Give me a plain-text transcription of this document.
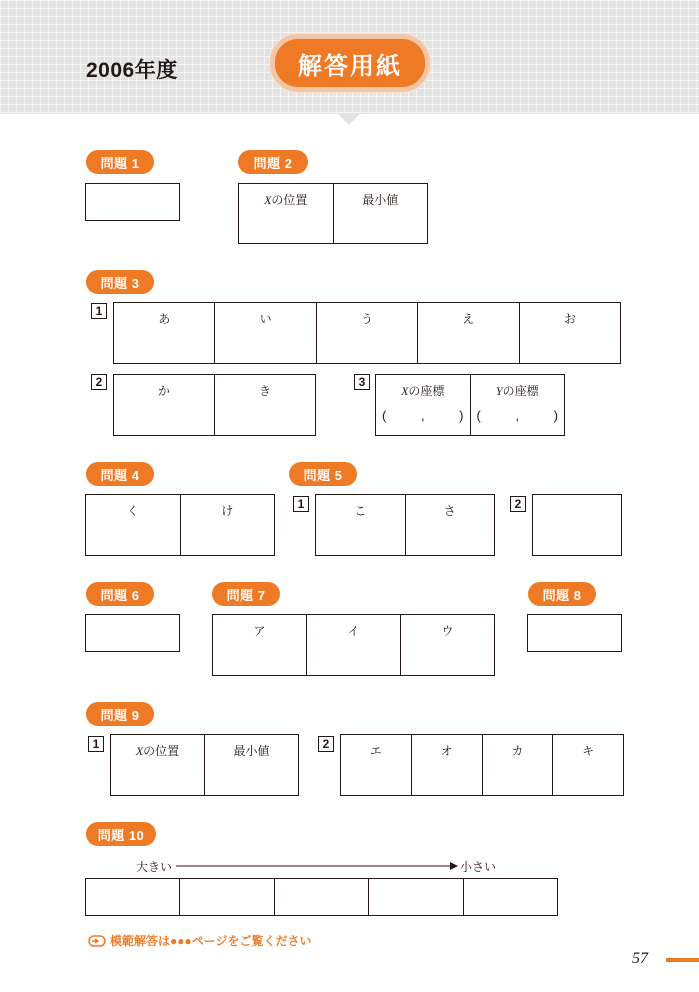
2006年度	解答用紙
問題 1	問題 2
Xの位置	最小値
問題 3
1
あ	い	う	え	お
2
か	き
3
Xの座標
(	,	)
Yの座標
(	,	)
問題 4
く	け
問題 5
1	こ	さ	2
問題 6	問題 7
ア	イ	ウ
問題 8
問題 9
1	Xの位置	最小値	2	エ	オ	カ	キ
問題 10
大きい	小さい
模範解答は●●●ページをご覧ください
57
